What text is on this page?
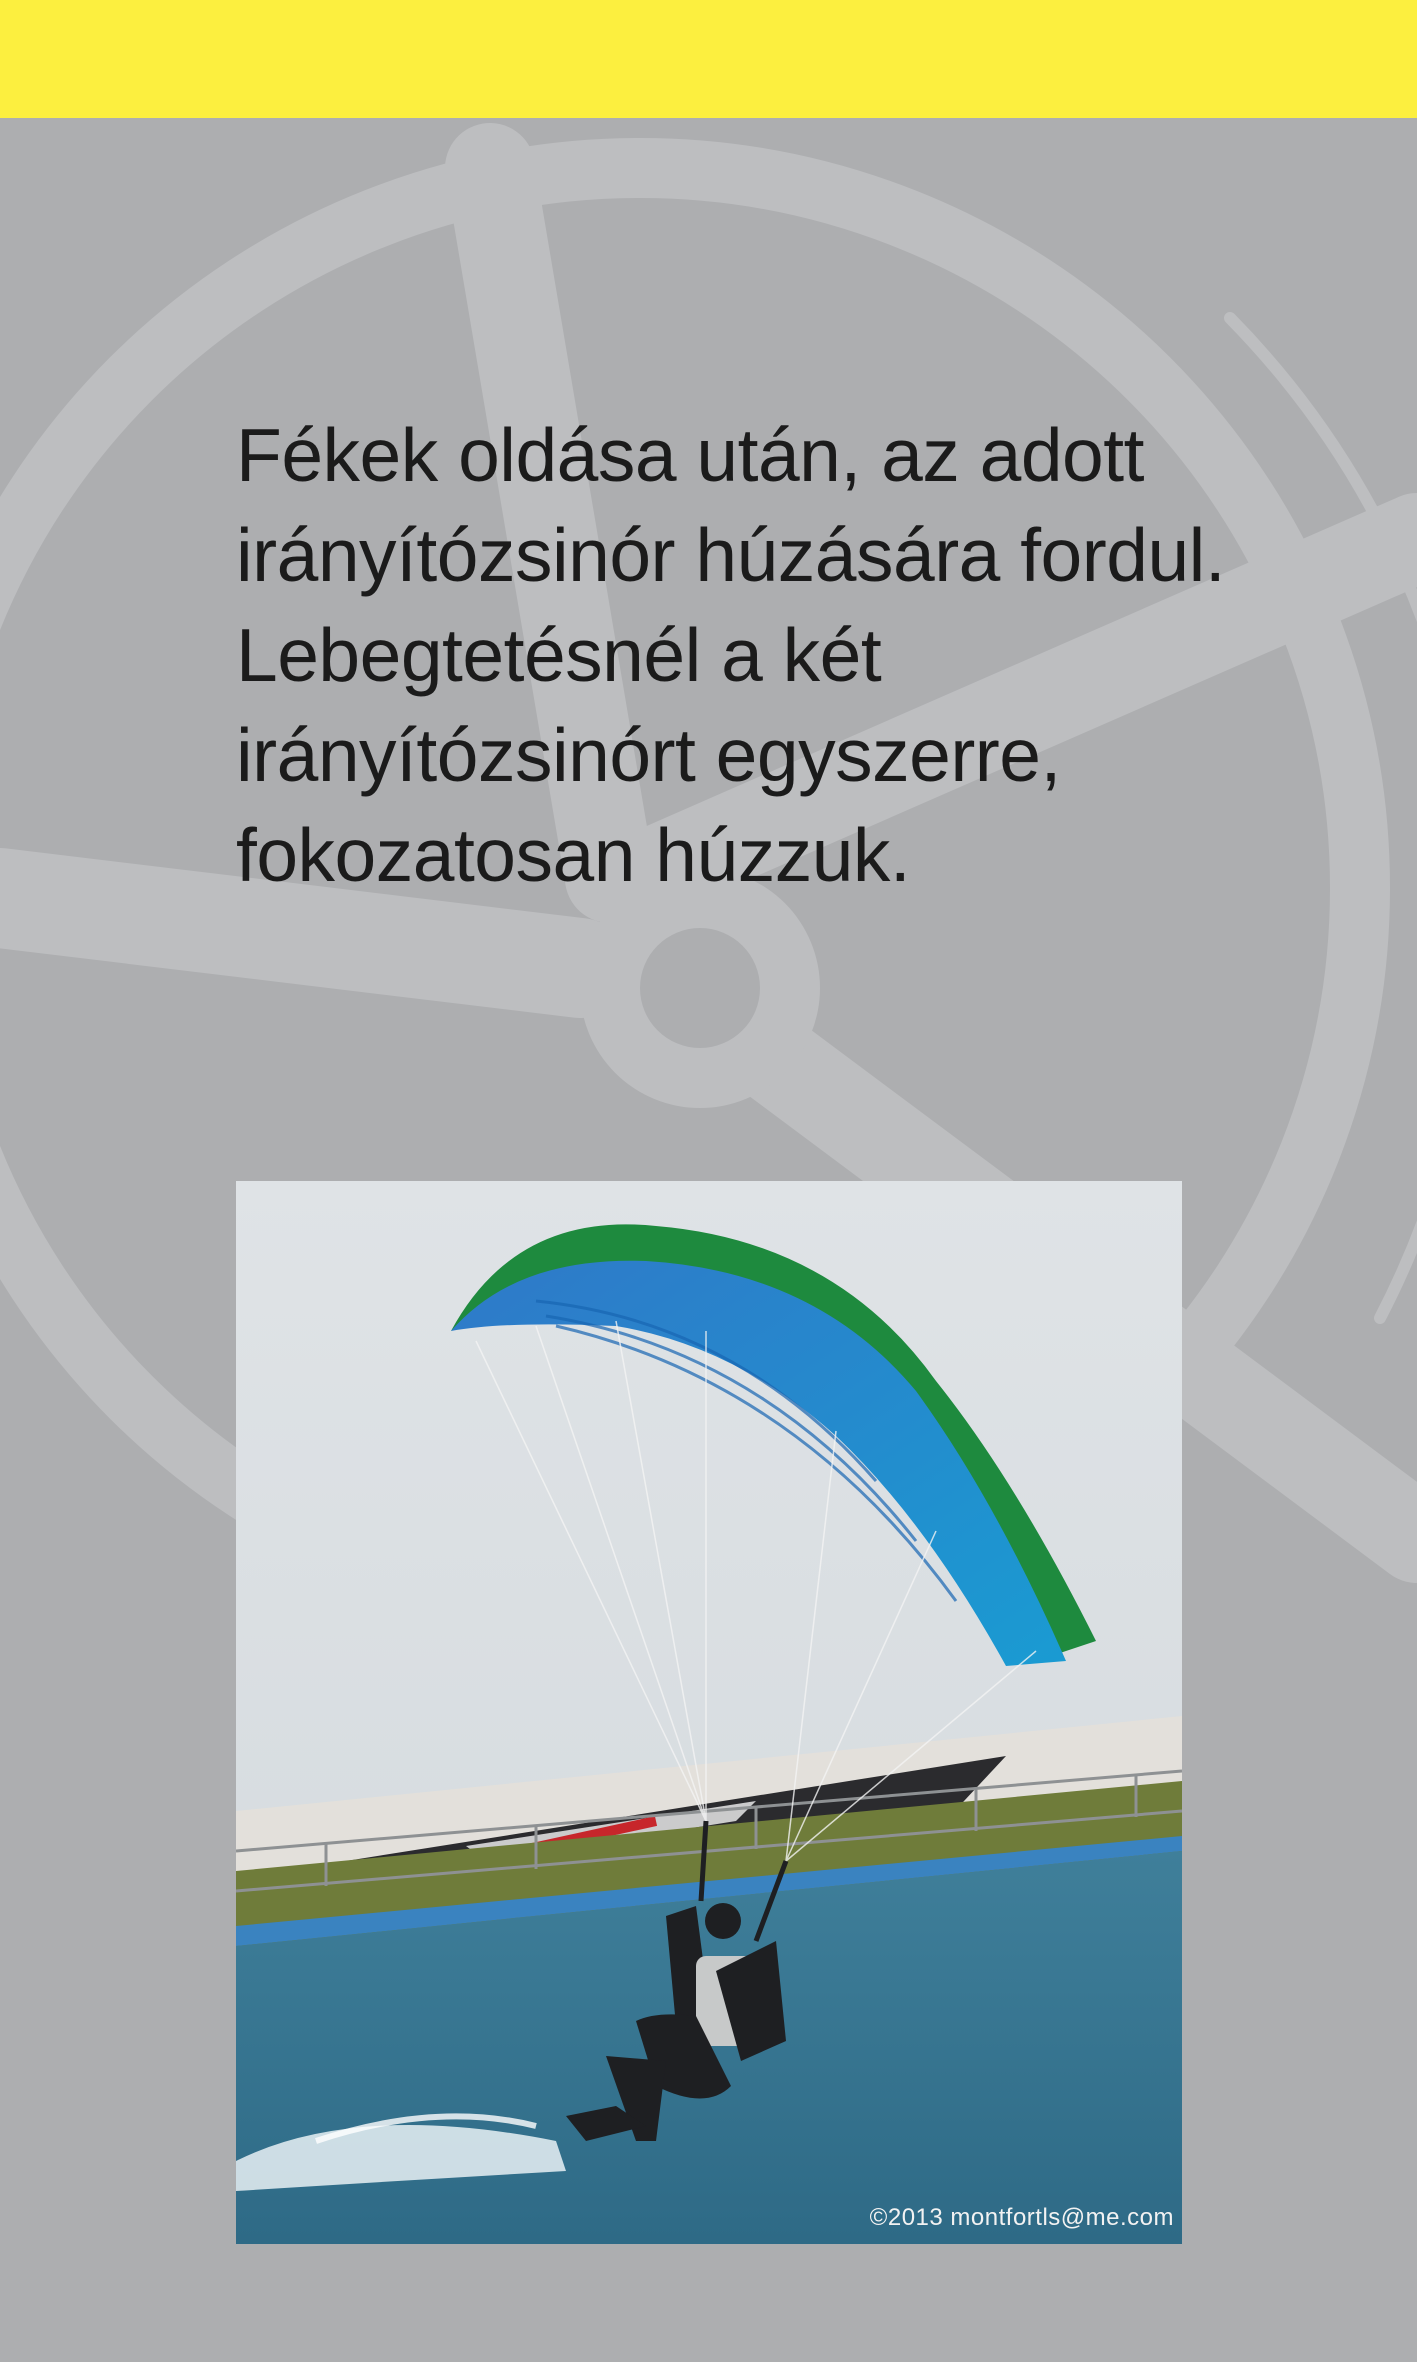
Fékek oldása után, az adott irányítózsinór húzására fordul. Lebegtetésnél a két irányítózsinórt egyszerre, fokozatosan húzzuk.

©2013 montfortls@me.com
